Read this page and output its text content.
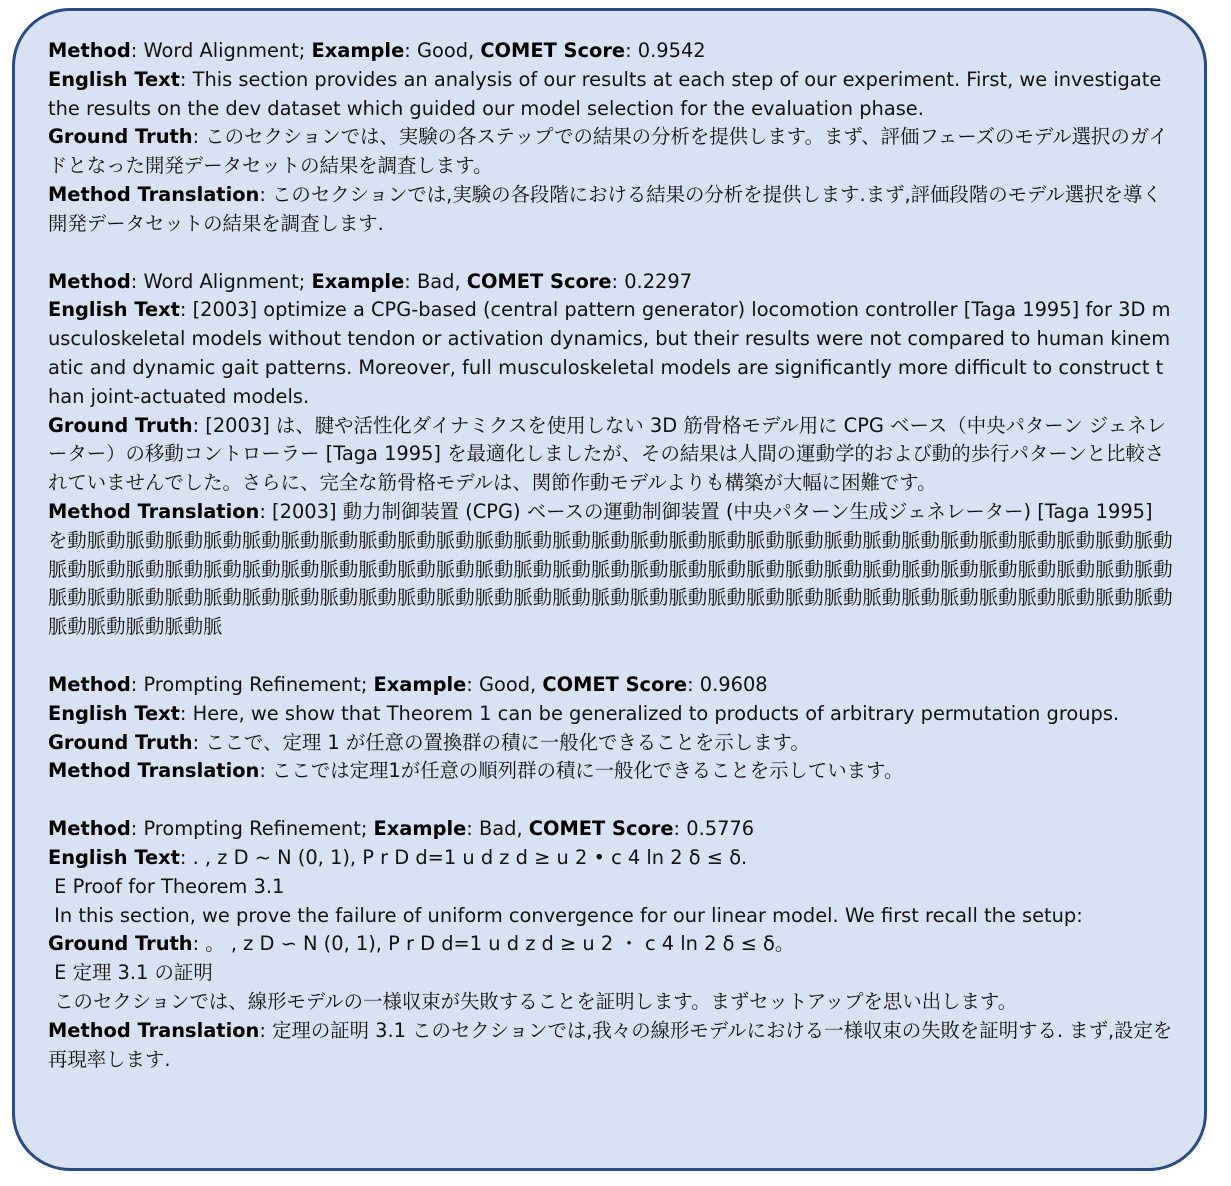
Method: Word Alignment; Example: Good, COMET Score: 0.9542
English Text: This section provides an analysis of our results at each step of our experiment. First, we investigate the results on the dev dataset which guided our model selection for the evaluation phase.
Ground Truth: このセクションでは、実験の各ステップでの結果の分析を提供します。まず、評価フェーズのモデル選択のガイドとなった開発データセットの結果を調査します。
Method Translation: このセクションでは,実験の各段階における結果の分析を提供します.まず,評価段階のモデル選択を導く開発データセットの結果を調査します.
Method: Word Alignment; Example: Bad, COMET Score: 0.2297
English Text: [2003] optimize a CPG-based (central pattern generator) locomotion controller [Taga 1995] for 3D musculoskeletal models without tendon or activation dynamics, but their results were not compared to human kinematic and dynamic gait patterns. Moreover, full musculoskeletal models are significantly more difficult to construct than joint-actuated models.
Ground Truth: [2003] は、腱や活性化ダイナミクスを使用しない 3D 筋骨格モデル用に CPG ベース（中央パターン ジェネレーター）の移動コントローラー [Taga 1995] を最適化しましたが、その結果は人間の運動学的および動的歩行パターンと比較されていませんでした。さらに、完全な筋骨格モデルは、関節作動モデルよりも構築が大幅に困難です。
Method Translation: [2003] 動力制御装置 (CPG) ベースの運動制御装置 (中央パターン生成ジェネレーター) [Taga 1995] を動脈動脈動脈動脈動脈動脈動脈動脈動脈動脈動脈動脈動脈動脈動脈動脈動脈動脈動脈動脈動脈動脈動脈動脈動脈動脈動脈動脈動脈動脈動脈動脈動脈動脈動脈動脈動脈動脈動脈動脈動脈動脈動脈動脈動脈動脈動脈動脈動脈動脈動脈動脈動脈動脈動脈動脈動脈動脈動脈動脈動脈動脈動脈動脈動脈動脈動脈動脈動脈動脈動脈動脈動脈動脈動脈動脈動脈動脈動脈動脈動脈動脈動脈動脈動脈動脈動脈動脈動脈動脈動脈
Method: Prompting Refinement; Example: Good, COMET Score: 0.9608
English Text: Here, we show that Theorem 1 can be generalized to products of arbitrary permutation groups.
Ground Truth: ここで、定理 1 が任意の置換群の積に一般化できることを示します。
Method Translation: ここでは定理1が任意の順列群の積に一般化できることを示しています。
Method: Prompting Refinement; Example: Bad, COMET Score: 0.5776
English Text: . , z D ~ N (0, 1), P r D d=1 u d z d ≥ u 2 • c 4 ln 2 δ ≤ δ.
E Proof for Theorem 3.1
In this section, we prove the failure of uniform convergence for our linear model. We first recall the setup:
Ground Truth: 。 , z D ∽ N (0, 1), P r D d=1 u d z d ≥ u 2 ・ c 4 ln 2 δ ≤ δ。
E 定理 3.1 の証明
このセクションでは、線形モデルの一様収束が失敗することを証明します。まずセットアップを思い出します。
Method Translation: 定理の証明 3.1 このセクションでは,我々の線形モデルにおける一様収束の失敗を証明する. まず,設定を再現率します.
